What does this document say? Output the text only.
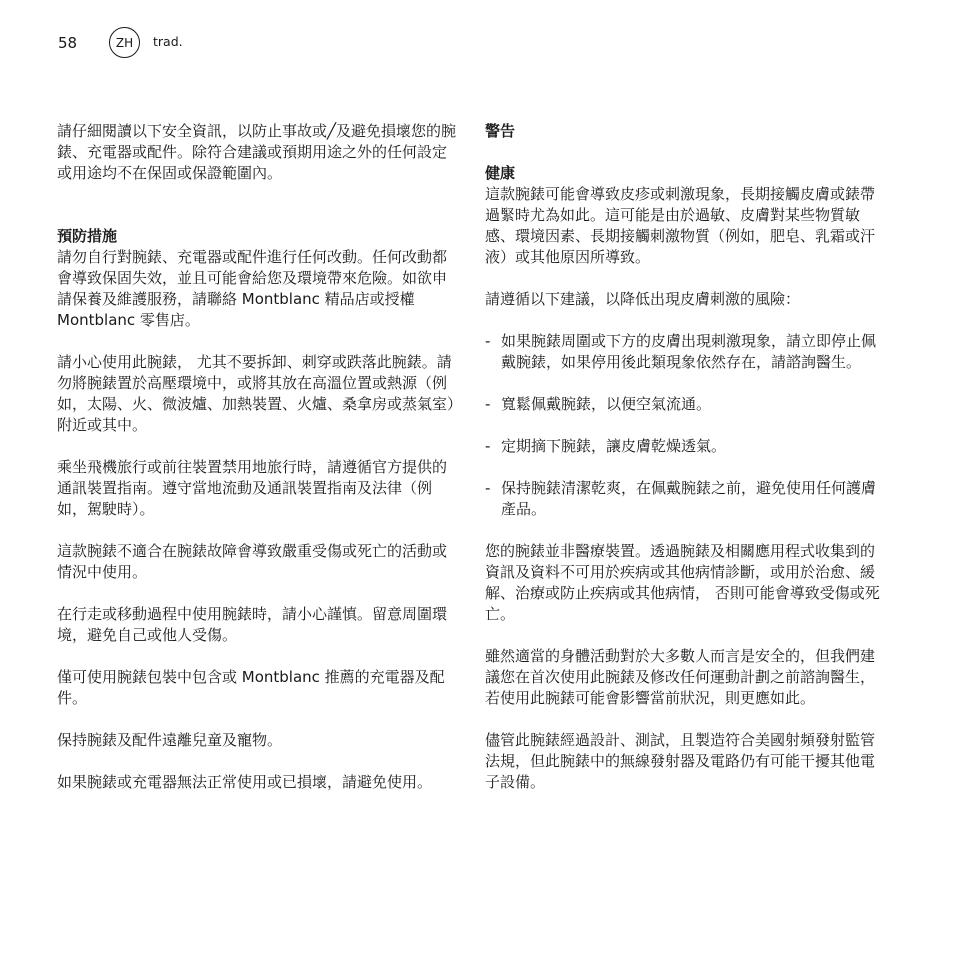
58	ZH	trad.

請仔細閱讀以下安全資訊，以防止事故或╱及避免損壞您的腕錶、充電器或配件。除符合建議或預期用途之外的任何設定或用途均不在保固或保證範圍內。

預防措施

請勿自行對腕錶、充電器或配件進行任何改動。任何改動都會導致保固失效，並且可能會給您及環境帶來危險。如欲申請保養及維護服務，請聯絡 Montblanc 精品店或授權 Montblanc 零售店。

請小心使用此腕錶， 尤其不要拆卸、刺穿或跌落此腕錶。請勿將腕錶置於高壓環境中，或將其放在高溫位置或熱源（例如，太陽、火、微波爐、加熱裝置、火爐、桑拿房或蒸氣室）附近或其中。

乘坐飛機旅行或前往裝置禁用地旅行時，請遵循官方提供的通訊裝置指南。遵守當地流動及通訊裝置指南及法律（例如，駕駛時）。

這款腕錶不適合在腕錶故障會導致嚴重受傷或死亡的活動或情況中使用。

在行走或移動過程中使用腕錶時，請小心謹慎。留意周圍環境，避免自己或他人受傷。

僅可使用腕錶包裝中包含或 Montblanc 推薦的充電器及配件。

保持腕錶及配件遠離兒童及寵物。

如果腕錶或充電器無法正常使用或已損壞，請避免使用。

警告

健康

這款腕錶可能會導致皮疹或刺激現象，長期接觸皮膚或錶帶過緊時尤為如此。這可能是由於過敏、皮膚對某些物質敏感、環境因素、長期接觸刺激物質（例如，肥皂、乳霜或汗液）或其他原因所導致。

請遵循以下建議，以降低出現皮膚刺激的風險：

- 如果腕錶周圍或下方的皮膚出現刺激現象，請立即停止佩戴腕錶，如果停用後此類現象依然存在，請諮詢醫生。
- 寬鬆佩戴腕錶，以便空氣流通。
- 定期摘下腕錶，讓皮膚乾燥透氣。
- 保持腕錶清潔乾爽，在佩戴腕錶之前，避免使用任何護膚產品。

您的腕錶並非醫療裝置。透過腕錶及相關應用程式收集到的資訊及資料不可用於疾病或其他病情診斷，或用於治愈、緩解、治療或防止疾病或其他病情， 否則可能會導致受傷或死亡。

雖然適當的身體活動對於大多數人而言是安全的，但我們建議您在首次使用此腕錶及修改任何運動計劃之前諮詢醫生，若使用此腕錶可能會影響當前狀況，則更應如此。

儘管此腕錶經過設計、測試，且製造符合美國射頻發射監管法規，但此腕錶中的無線發射器及電路仍有可能干擾其他電子設備。
